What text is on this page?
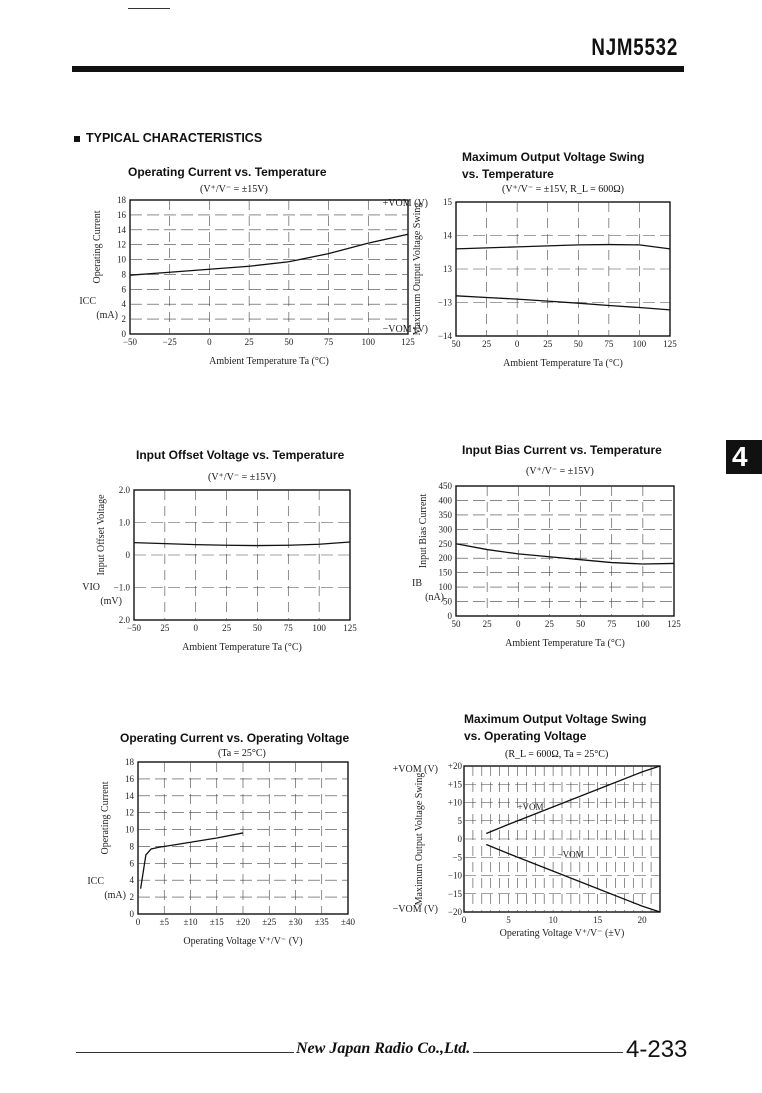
NJM5532
TYPICAL CHARACTERISTICS
4
Operating Current vs. Temperature
(V⁺/V⁻ = ±15V)
Maximum Output Voltage Swing
vs. Temperature
(V⁺/V⁻ = ±15V, R_L = 600Ω)
Input Offset Voltage vs. Temperature
(V⁺/V⁻ = ±15V)
Input Bias Current vs. Temperature
(V⁺/V⁻ = ±15V)
Operating Current vs. Operating Voltage
(Ta = 25°C)
Maximum Output Voltage Swing
vs. Operating Voltage
(R_L = 600Ω, Ta = 25°C)
−50	−25	0	25	50	75	100	125
18
16
14
12
10
8
6
4
2
0
Ambient Temperature Ta (°C)
Operating Current
ICC
(mA)
50 25	0	25 50 75 100 125
15
14
13
−13
−14
Ambient Temperature Ta (°C)
Maximum Output Voltage Swing
+VOM (V)
−VOM (V)
−50 25	0	25 50 75 100 125
2.0
1.0
0
−1.0
2.0
Ambient Temperature Ta (°C)
Input Offset Voltage
VIO
(mV)
50 25	0	25 50 75 100 125
450
400
350
300
250
200
150
100
50
0
Ambient Temperature Ta (°C)
Input Bias Current
IB
(nA)
0 ±5 ±10 ±15 ±20 ±25 ±30 ±35 ±40
18
16
14
12
10
8
6
4
2
0
Operating Voltage V⁺/V⁻ (V)
Operating Current
ICC
(mA)
0	5	10	15	20
+20
+15
+10
5
0
−5
−10
−15
−20
+VOM
−VOM
Operating Voltage V⁺/V⁻ (±V)
Maximum Output Voltage Swing
+VOM (V)
−VOM (V)
New Japan Radio Co.,Ltd.	4-233
